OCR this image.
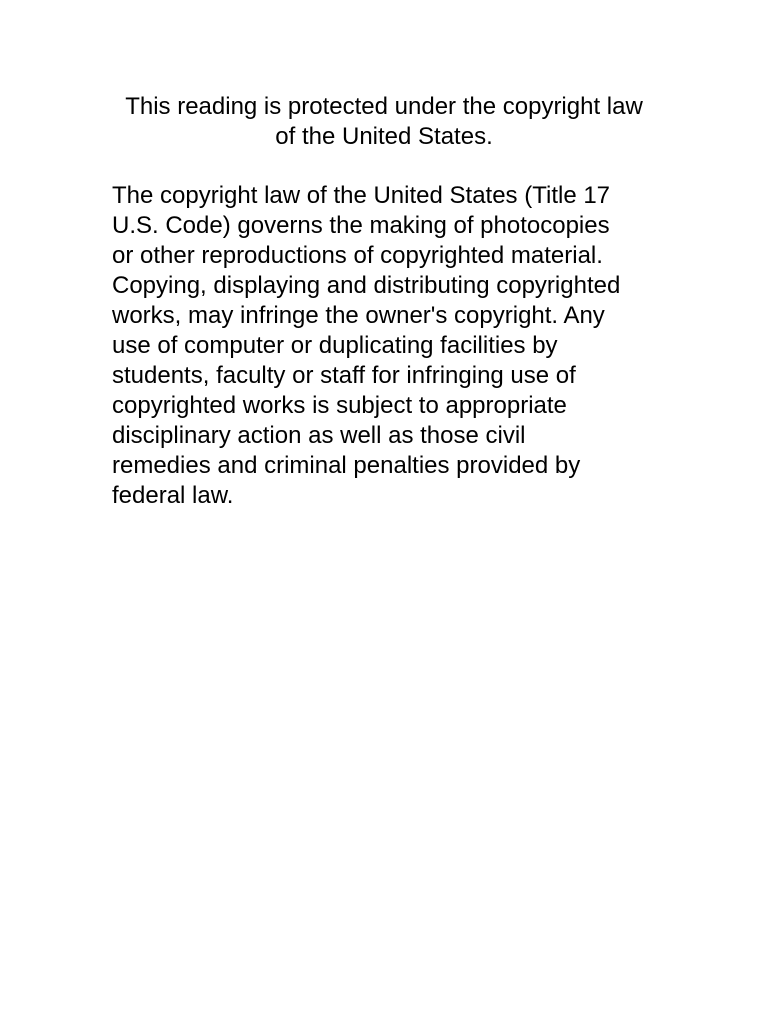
This reading is protected under the copyright law
of the United States.
The copyright law of the United States (Title 17
U.S. Code) governs the making of photocopies
or other reproductions of copyrighted material.
Copying, displaying and distributing copyrighted
works, may infringe the owner's copyright. Any
use of computer or duplicating facilities by
students, faculty or staff for infringing use of
copyrighted works is subject to appropriate
disciplinary action as well as those civil
remedies and criminal penalties provided by
federal law.
